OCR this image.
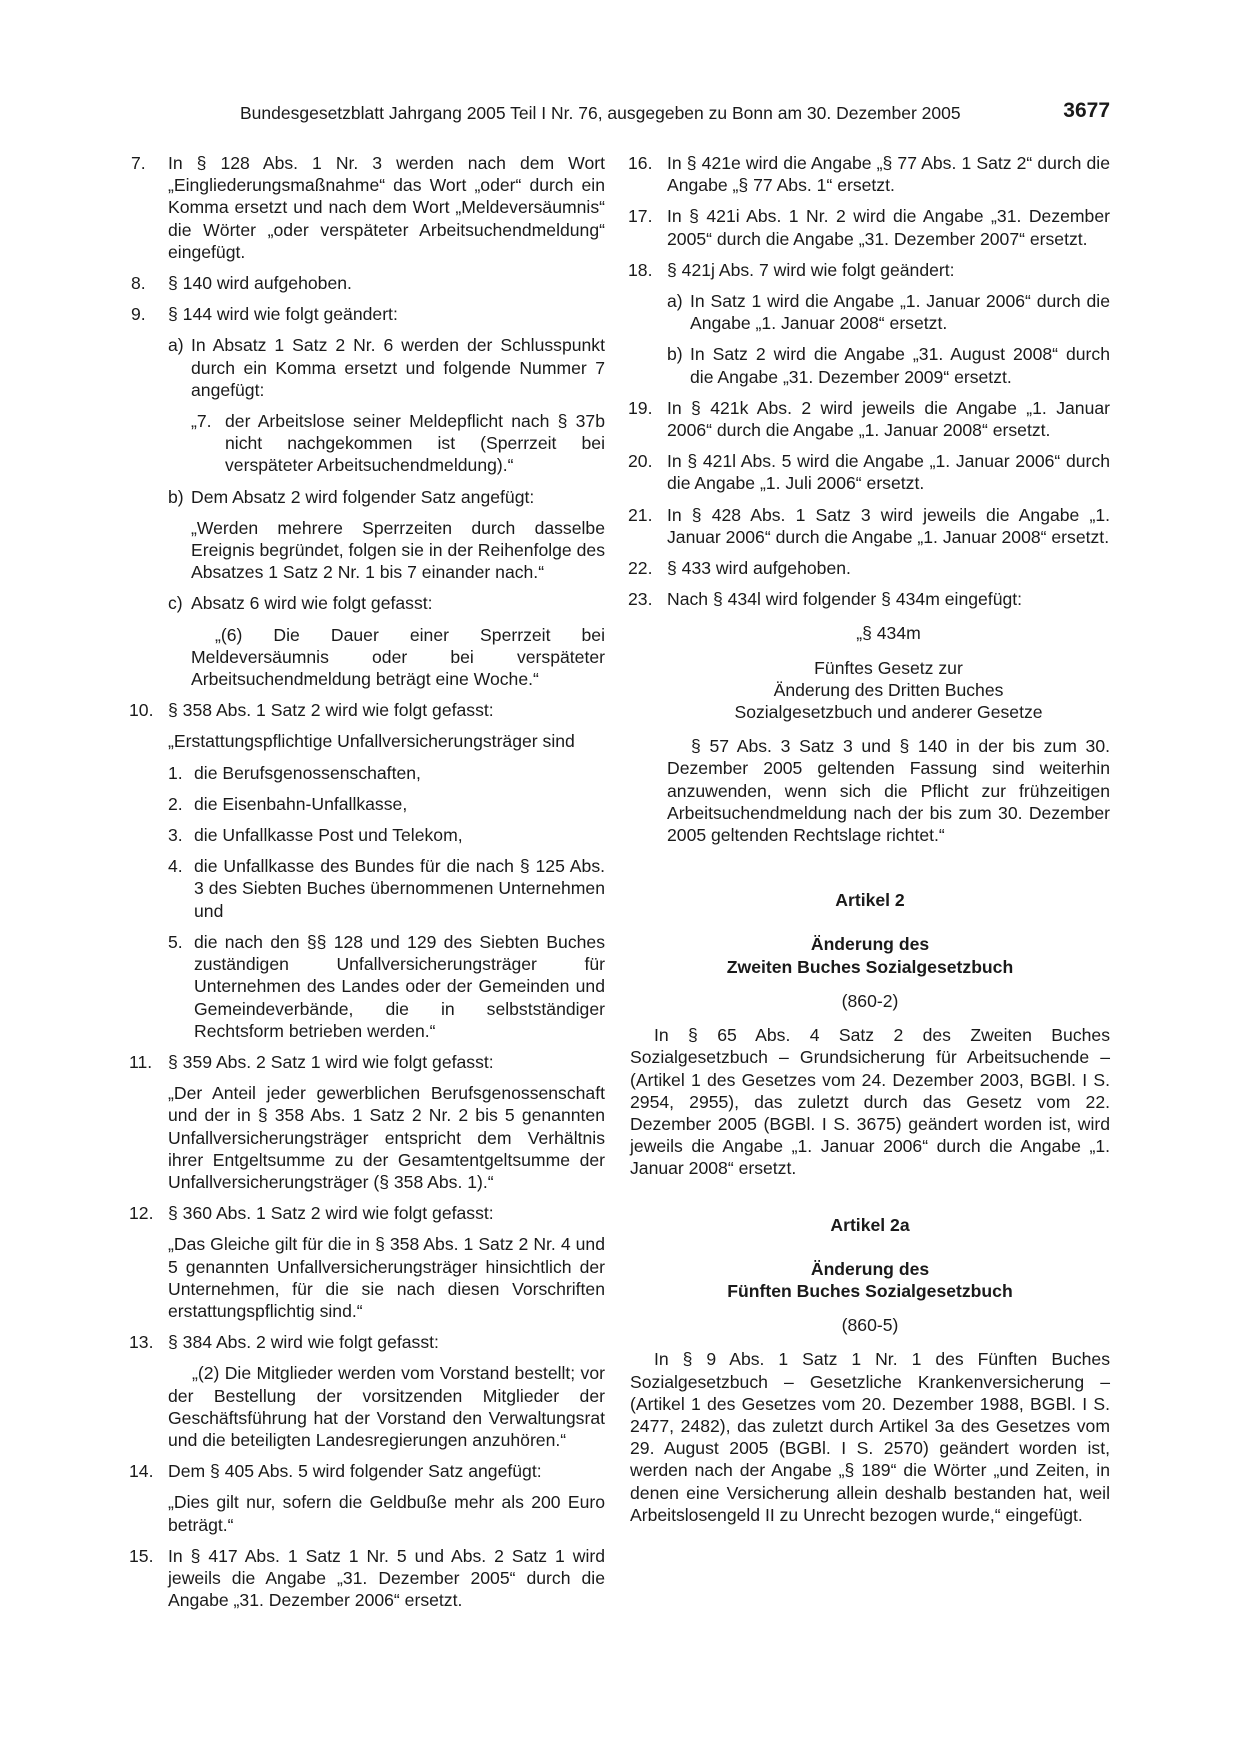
Bundesgesetzblatt Jahrgang 2005 Teil I Nr. 76, ausgegeben zu Bonn am 30. Dezember 2005	3677
7. In § 128 Abs. 1 Nr. 3 werden nach dem Wort „Eingliederungsmaßnahme“ das Wort „oder“ durch ein Komma ersetzt und nach dem Wort „Meldeversäumnis“ die Wörter „oder verspäteter Arbeitsuchendmeldung“ eingefügt.
8. § 140 wird aufgehoben.
9. § 144 wird wie folgt geändert:
a) In Absatz 1 Satz 2 Nr. 6 werden der Schlusspunkt durch ein Komma ersetzt und folgende Nummer 7 angefügt:
„7. der Arbeitslose seiner Meldepflicht nach § 37b nicht nachgekommen ist (Sperrzeit bei verspäteter Arbeitsuchendmeldung).“
b) Dem Absatz 2 wird folgender Satz angefügt:
„Werden mehrere Sperrzeiten durch dasselbe Ereignis begründet, folgen sie in der Reihenfolge des Absatzes 1 Satz 2 Nr. 1 bis 7 einander nach.“
c) Absatz 6 wird wie folgt gefasst:
„(6) Die Dauer einer Sperrzeit bei Meldeversäumnis oder bei verspäteter Arbeitsuchendmeldung beträgt eine Woche.“
10. § 358 Abs. 1 Satz 2 wird wie folgt gefasst:
„Erstattungspflichtige Unfallversicherungsträger sind
1. die Berufsgenossenschaften,
2. die Eisenbahn-Unfallkasse,
3. die Unfallkasse Post und Telekom,
4. die Unfallkasse des Bundes für die nach § 125 Abs. 3 des Siebten Buches übernommenen Unternehmen und
5. die nach den §§ 128 und 129 des Siebten Buches zuständigen Unfallversicherungsträger für Unternehmen des Landes oder der Gemeinden und Gemeindeverbände, die in selbstständiger Rechtsform betrieben werden.“
11. § 359 Abs. 2 Satz 1 wird wie folgt gefasst:
„Der Anteil jeder gewerblichen Berufsgenossenschaft und der in § 358 Abs. 1 Satz 2 Nr. 2 bis 5 genannten Unfallversicherungsträger entspricht dem Verhältnis ihrer Entgeltsumme zu der Gesamtentgeltsumme der Unfallversicherungsträger (§ 358 Abs. 1).“
12. § 360 Abs. 1 Satz 2 wird wie folgt gefasst:
„Das Gleiche gilt für die in § 358 Abs. 1 Satz 2 Nr. 4 und 5 genannten Unfallversicherungsträger hinsichtlich der Unternehmen, für die sie nach diesen Vorschriften erstattungspflichtig sind.“
13. § 384 Abs. 2 wird wie folgt gefasst:
„(2) Die Mitglieder werden vom Vorstand bestellt; vor der Bestellung der vorsitzenden Mitglieder der Geschäftsführung hat der Vorstand den Verwaltungsrat und die beteiligten Landesregierungen anzuhören.“
14. Dem § 405 Abs. 5 wird folgender Satz angefügt:
„Dies gilt nur, sofern die Geldbuße mehr als 200 Euro beträgt.“
15. In § 417 Abs. 1 Satz 1 Nr. 5 und Abs. 2 Satz 1 wird jeweils die Angabe „31. Dezember 2005“ durch die Angabe „31. Dezember 2006“ ersetzt.
16. In § 421e wird die Angabe „§ 77 Abs. 1 Satz 2“ durch die Angabe „§ 77 Abs. 1“ ersetzt.
17. In § 421i Abs. 1 Nr. 2 wird die Angabe „31. Dezember 2005“ durch die Angabe „31. Dezember 2007“ ersetzt.
18. § 421j Abs. 7 wird wie folgt geändert:
a) In Satz 1 wird die Angabe „1. Januar 2006“ durch die Angabe „1. Januar 2008“ ersetzt.
b) In Satz 2 wird die Angabe „31. August 2008“ durch die Angabe „31. Dezember 2009“ ersetzt.
19. In § 421k Abs. 2 wird jeweils die Angabe „1. Januar 2006“ durch die Angabe „1. Januar 2008“ ersetzt.
20. In § 421l Abs. 5 wird die Angabe „1. Januar 2006“ durch die Angabe „1. Juli 2006“ ersetzt.
21. In § 428 Abs. 1 Satz 3 wird jeweils die Angabe „1. Januar 2006“ durch die Angabe „1. Januar 2008“ ersetzt.
22. § 433 wird aufgehoben.
23. Nach § 434l wird folgender § 434m eingefügt:
„§ 434m
Fünftes Gesetz zur
Änderung des Dritten Buches
Sozialgesetzbuch und anderer Gesetze
§ 57 Abs. 3 Satz 3 und § 140 in der bis zum 30. Dezember 2005 geltenden Fassung sind weiterhin anzuwenden, wenn sich die Pflicht zur frühzeitigen Arbeitsuchendmeldung nach der bis zum 30. Dezember 2005 geltenden Rechtslage richtet.“
Artikel 2
Änderung des
Zweiten Buches Sozialgesetzbuch
(860-2)
In § 65 Abs. 4 Satz 2 des Zweiten Buches Sozialgesetzbuch – Grundsicherung für Arbeitsuchende – (Artikel 1 des Gesetzes vom 24. Dezember 2003, BGBl. I S. 2954, 2955), das zuletzt durch das Gesetz vom 22. Dezember 2005 (BGBl. I S. 3675) geändert worden ist, wird jeweils die Angabe „1. Januar 2006“ durch die Angabe „1. Januar 2008“ ersetzt.
Artikel 2a
Änderung des
Fünften Buches Sozialgesetzbuch
(860-5)
In § 9 Abs. 1 Satz 1 Nr. 1 des Fünften Buches Sozialgesetzbuch – Gesetzliche Krankenversicherung – (Artikel 1 des Gesetzes vom 20. Dezember 1988, BGBl. I S. 2477, 2482), das zuletzt durch Artikel 3a des Gesetzes vom 29. August 2005 (BGBl. I S. 2570) geändert worden ist, werden nach der Angabe „§ 189“ die Wörter „und Zeiten, in denen eine Versicherung allein deshalb bestanden hat, weil Arbeitslosengeld II zu Unrecht bezogen wurde,“ eingefügt.
